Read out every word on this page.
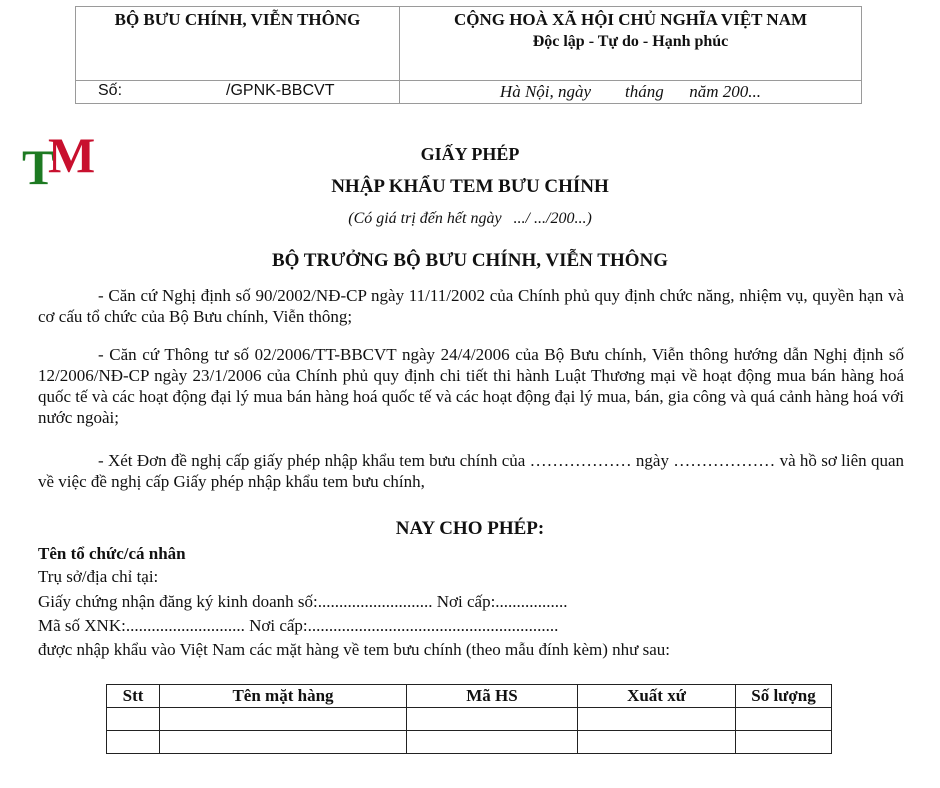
BỘ BƯU CHÍNH, VIỄN THÔNG	CỘNG HOÀ XÃ HỘI CHỦ NGHĨA VIỆT NAM
Độc lập - Tự do - Hạnh phúc

Số: /GPNK-BBCVT	Hà Nội, ngày        tháng      năm 200...
T
M	GIẤY PHÉP
NHẬP KHẨU TEM BƯU CHÍNH
(Có giá trị đến hết ngày   .../ .../200...)
BỘ TRƯỞNG BỘ BƯU CHÍNH, VIỄN THÔNG
- Căn cứ Nghị định số 90/2002/NĐ-CP ngày 11/11/2002 của Chính phủ quy định chức năng, nhiệm vụ, quyền hạn và cơ cấu tổ chức của Bộ Bưu chính, Viễn thông;
- Căn cứ Thông tư số 02/2006/TT-BBCVT ngày 24/4/2006 của Bộ Bưu chính, Viễn thông hướng dẫn Nghị định số 12/2006/NĐ-CP ngày 23/1/2006 của Chính phủ quy định chi tiết thi hành Luật Thương mại về hoạt động mua bán hàng hoá quốc tế và các hoạt động đại lý mua bán hàng hoá quốc tế và các hoạt động đại lý mua, bán, gia công và quá cảnh hàng hoá với nước ngoài;
- Xét Đơn đề nghị cấp giấy phép nhập khẩu tem bưu chính của ……………… ngày ……………… và hồ sơ liên quan về việc đề nghị cấp Giấy phép nhập khẩu tem bưu chính,
NAY CHO PHÉP:
Tên tổ chức/cá nhân
Trụ sở/địa chỉ tại:
Giấy chứng nhận đăng ký kinh doanh số:........................... Nơi cấp:.................
Mã số XNK:............................ Nơi cấp:...........................................................
được nhập khẩu vào Việt Nam các mặt hàng về tem bưu chính (theo mẫu đính kèm) như sau:
Stt	Tên mặt hàng	Mã HS	Xuất xứ	Số lượng
